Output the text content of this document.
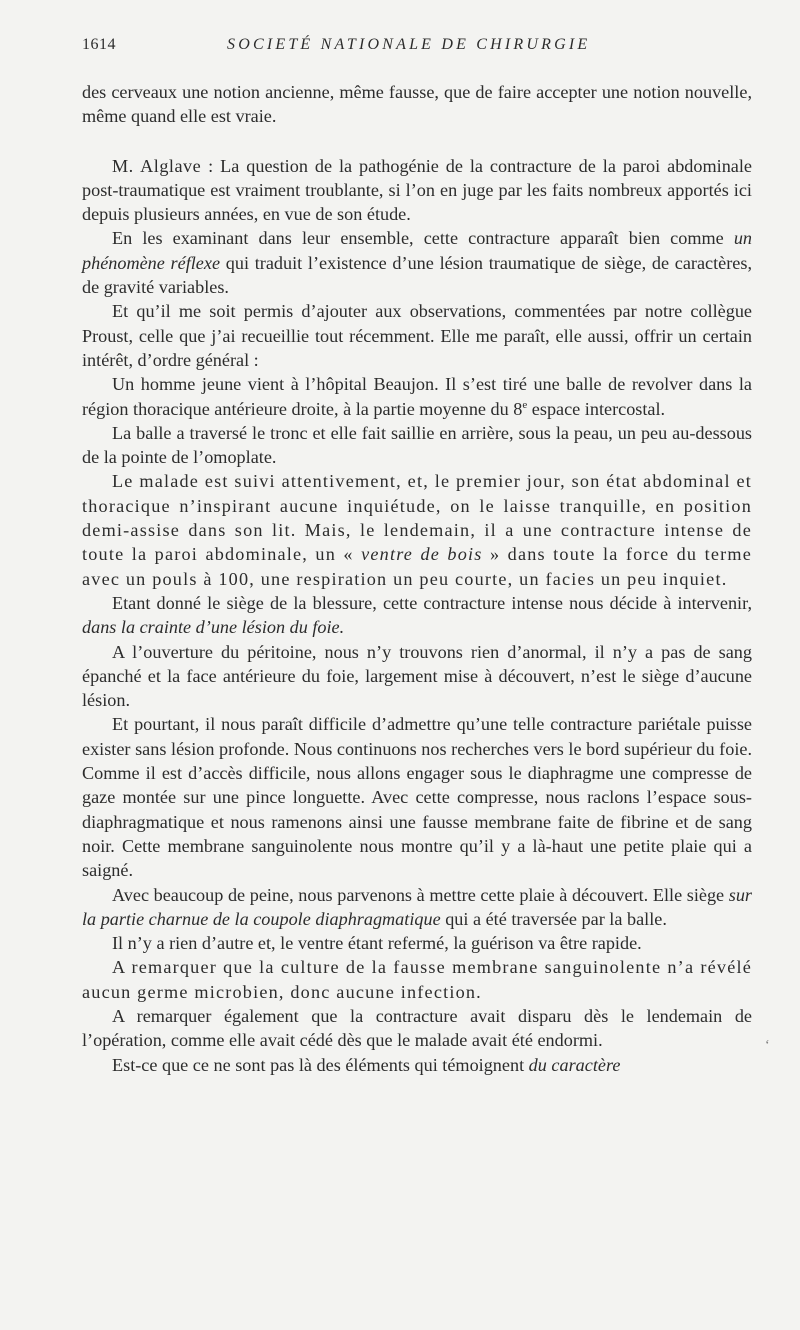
1614	SOCIETÉ NATIONALE DE CHIRURGIE

des cerveaux une notion ancienne, même fausse, que de faire accepter une notion nouvelle, même quand elle est vraie.

M. Alglave : La question de la pathogénie de la contracture de la paroi abdominale post-traumatique est vraiment troublante, si l’on en juge par les faits nombreux apportés ici depuis plusieurs années, en vue de son étude.

En les examinant dans leur ensemble, cette contracture apparaît bien comme un phénomène réflexe qui traduit l’existence d’une lésion traumatique de siège, de caractères, de gravité variables.

Et qu’il me soit permis d’ajouter aux observations, commentées par notre collègue Proust, celle que j’ai recueillie tout récemment. Elle me paraît, elle aussi, offrir un certain intérêt, d’ordre général :

Un homme jeune vient à l’hôpital Beaujon. Il s’est tiré une balle de revolver dans la région thoracique antérieure droite, à la partie moyenne du 8e espace intercostal.

La balle a traversé le tronc et elle fait saillie en arrière, sous la peau, un peu au-dessous de la pointe de l’omoplate.

Le malade est suivi attentivement, et, le premier jour, son état abdominal et thoracique n’inspirant aucune inquiétude, on le laisse tranquille, en position demi-assise dans son lit. Mais, le lendemain, il a une contracture intense de toute la paroi abdominale, un « ventre de bois » dans toute la force du terme avec un pouls à 100, une respiration un peu courte, un facies un peu inquiet.

Etant donné le siège de la blessure, cette contracture intense nous décide à intervenir, dans la crainte d’une lésion du foie.

A l’ouverture du péritoine, nous n’y trouvons rien d’anormal, il n’y a pas de sang épanché et la face antérieure du foie, largement mise à découvert, n’est le siège d’aucune lésion.

Et pourtant, il nous paraît difficile d’admettre qu’une telle contracture pariétale puisse exister sans lésion profonde. Nous continuons nos recherches vers le bord supérieur du foie. Comme il est d’accès difficile, nous allons engager sous le diaphragme une compresse de gaze montée sur une pince longuette. Avec cette compresse, nous raclons l’espace sous-diaphragmatique et nous ramenons ainsi une fausse membrane faite de fibrine et de sang noir. Cette membrane sanguinolente nous montre qu’il y a là-haut une petite plaie qui a saigné.

Avec beaucoup de peine, nous parvenons à mettre cette plaie à découvert. Elle siège sur la partie charnue de la coupole diaphragmatique qui a été traversée par la balle.

Il n’y a rien d’autre et, le ventre étant refermé, la guérison va être rapide.

A remarquer que la culture de la fausse membrane sanguinolente n’a révélé aucun germe microbien, donc aucune infection.

A remarquer également que la contracture avait disparu dès le lendemain de l’opération, comme elle avait cédé dès que le malade avait été endormi.

Est-ce que ce ne sont pas là des éléments qui témoignent du caractère

‘
